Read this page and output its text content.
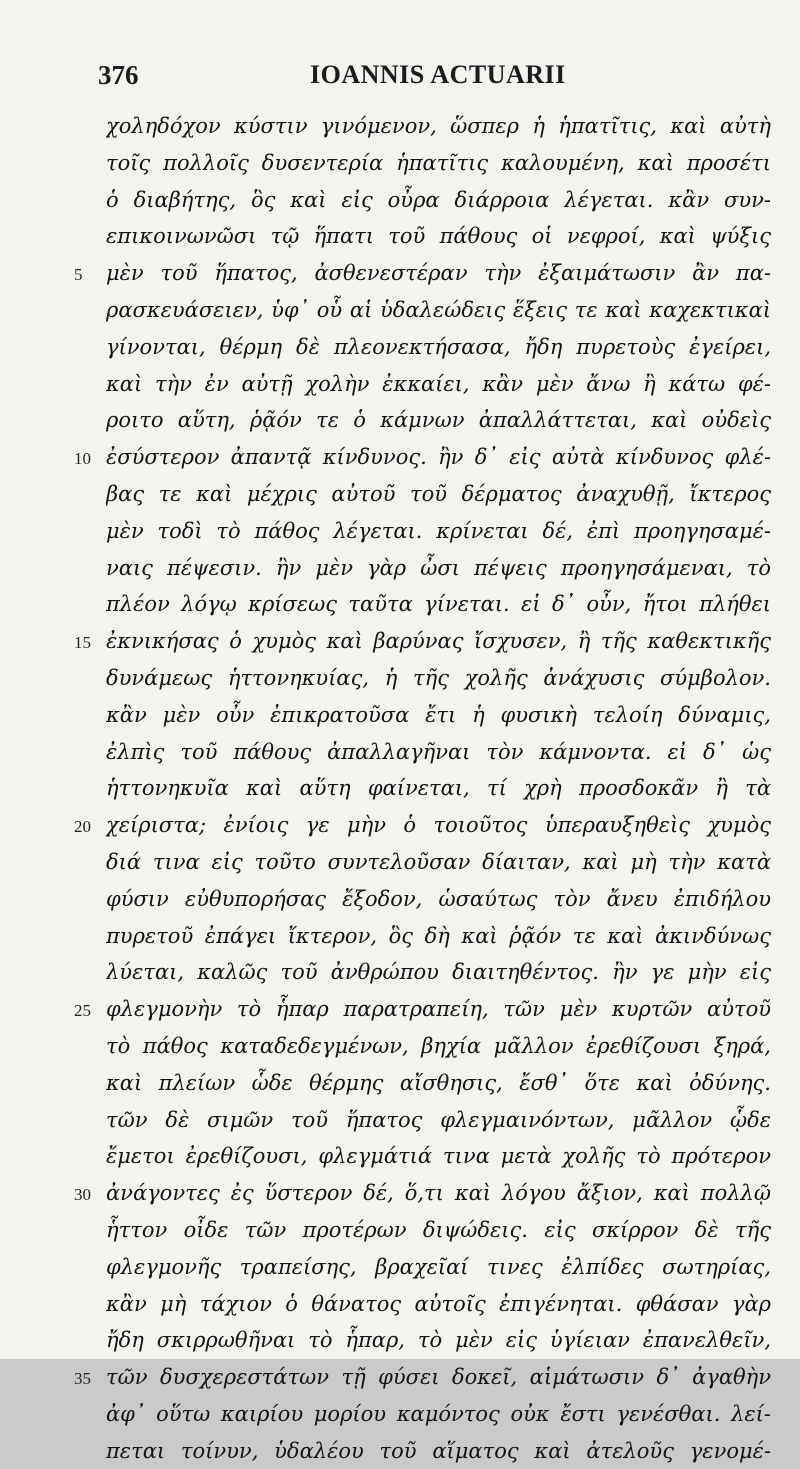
376	IOANNIS ACTUARII
χοληδόχον κύστιν γινόμενον, ὥσπερ ἡ ἡπατῖτις, καὶ αὐτὴ
τοῖς πολλοῖς δυσεντερία ἡπατῖτις καλουμένη, καὶ προσέτι
ὁ διαβήτης, ὃς καὶ εἰς οὖρα διάρροια λέγεται. κἂν συν-
επικοινωνῶσι τῷ ἥπατι τοῦ πάθους οἱ νεφροί, καὶ ψύξις
5 μὲν τοῦ ἥπατος, ἀσθενεστέραν τὴν ἐξαιμάτωσιν ἂν πα-
ρασκευάσειεν, ὑφ᾽ οὗ αἱ ὑδαλεώδεις ἕξεις τε καὶ καχεκτικαὶ
γίνονται, θέρμη δὲ πλεονεκτήσασα, ἤδη πυρετοὺς ἐγείρει,
καὶ τὴν ἐν αὐτῇ χολὴν ἐκκαίει, κἂν μὲν ἄνω ἢ κάτω φέ-
ροιτο αὕτη, ῥᾷόν τε ὁ κάμνων ἀπαλλάττεται, καὶ οὐδεὶς
10 ἐσύστερον ἀπαντᾷ κίνδυνος. ἢν δ᾽ εἰς αὐτὰ κίνδυνος φλέ-
βας τε καὶ μέχρις αὐτοῦ τοῦ δέρματος ἀναχυθῇ, ἴκτερος
μὲν τοδὶ τὸ πάθος λέγεται. κρίνεται δέ, ἐπὶ προηγησαμέ-
ναις πέψεσιν. ἢν μὲν γὰρ ὦσι πέψεις προηγησάμεναι, τὸ
πλέον λόγῳ κρίσεως ταῦτα γίνεται. εἰ δ᾽ οὖν, ἤτοι πλήθει
15 ἐκνικήσας ὁ χυμὸς καὶ βαρύνας ἴσχυσεν, ἢ τῆς καθεκτικῆς
δυνάμεως ἡττονηκυίας, ἡ τῆς χολῆς ἀνάχυσις σύμβολον.
κἂν μὲν οὖν ἐπικρατοῦσα ἔτι ἡ φυσικὴ τελοίη δύναμις,
ἐλπὶς τοῦ πάθους ἀπαλλαγῆναι τὸν κάμνοντα. εἰ δ᾽ ὡς
ἡττονηκυῖα καὶ αὕτη φαίνεται, τί χρὴ προσδοκᾶν ἢ τὰ
20 χείριστα; ἐνίοις γε μὴν ὁ τοιοῦτος ὑπεραυξηθεὶς χυμὸς
διά τινα εἰς τοῦτο συντελοῦσαν δίαιταν, καὶ μὴ τὴν κατὰ
φύσιν εὐθυπορήσας ἔξοδον, ὡσαύτως τὸν ἄνευ ἐπιδήλου
πυρετοῦ ἐπάγει ἴκτερον, ὃς δὴ καὶ ῥᾷόν τε καὶ ἀκινδύνως
λύεται, καλῶς τοῦ ἀνθρώπου διαιτηθέντος. ἢν γε μὴν εἰς
25 φλεγμονὴν τὸ ἧπαρ παρατραπείη, τῶν μὲν κυρτῶν αὐτοῦ
τὸ πάθος καταδεδεγμένων, βηχία μᾶλλον ἐρεθίζουσι ξηρά,
καὶ πλείων ὧδε θέρμης αἴσθησις, ἔσθ᾽ ὅτε καὶ ὀδύνης.
τῶν δὲ σιμῶν τοῦ ἥπατος φλεγμαινόντων, μᾶλλον ᾧδε
ἔμετοι ἐρεθίζουσι, φλεγμάτιά τινα μετὰ χολῆς τὸ πρότερον
30 ἀνάγοντες ἐς ὕστερον δέ, ὅ,τι καὶ λόγου ἄξιον, καὶ πολλῷ
ἧττον οἶδε τῶν προτέρων διψώδεις. εἰς σκίρρον δὲ τῆς
φλεγμονῆς τραπείσης, βραχεῖαί τινες ἐλπίδες σωτηρίας,
κἂν μὴ τάχιον ὁ θάνατος αὐτοῖς ἐπιγένηται. φθάσαν γὰρ
ἤδη σκιρρωθῆναι τὸ ἧπαρ, τὸ μὲν εἰς ὑγίειαν ἐπανελθεῖν,
35 τῶν δυσχερεστάτων τῇ φύσει δοκεῖ, αἱμάτωσιν δ᾽ ἀγαθὴν
ἀφ᾽ οὕτω καιρίου μορίου καμόντος οὐκ ἔστι γενέσθαι. λεί-
πεται τοίνυν, ὑδαλέου τοῦ αἵματος καὶ ἀτελοῦς γενομέ-
